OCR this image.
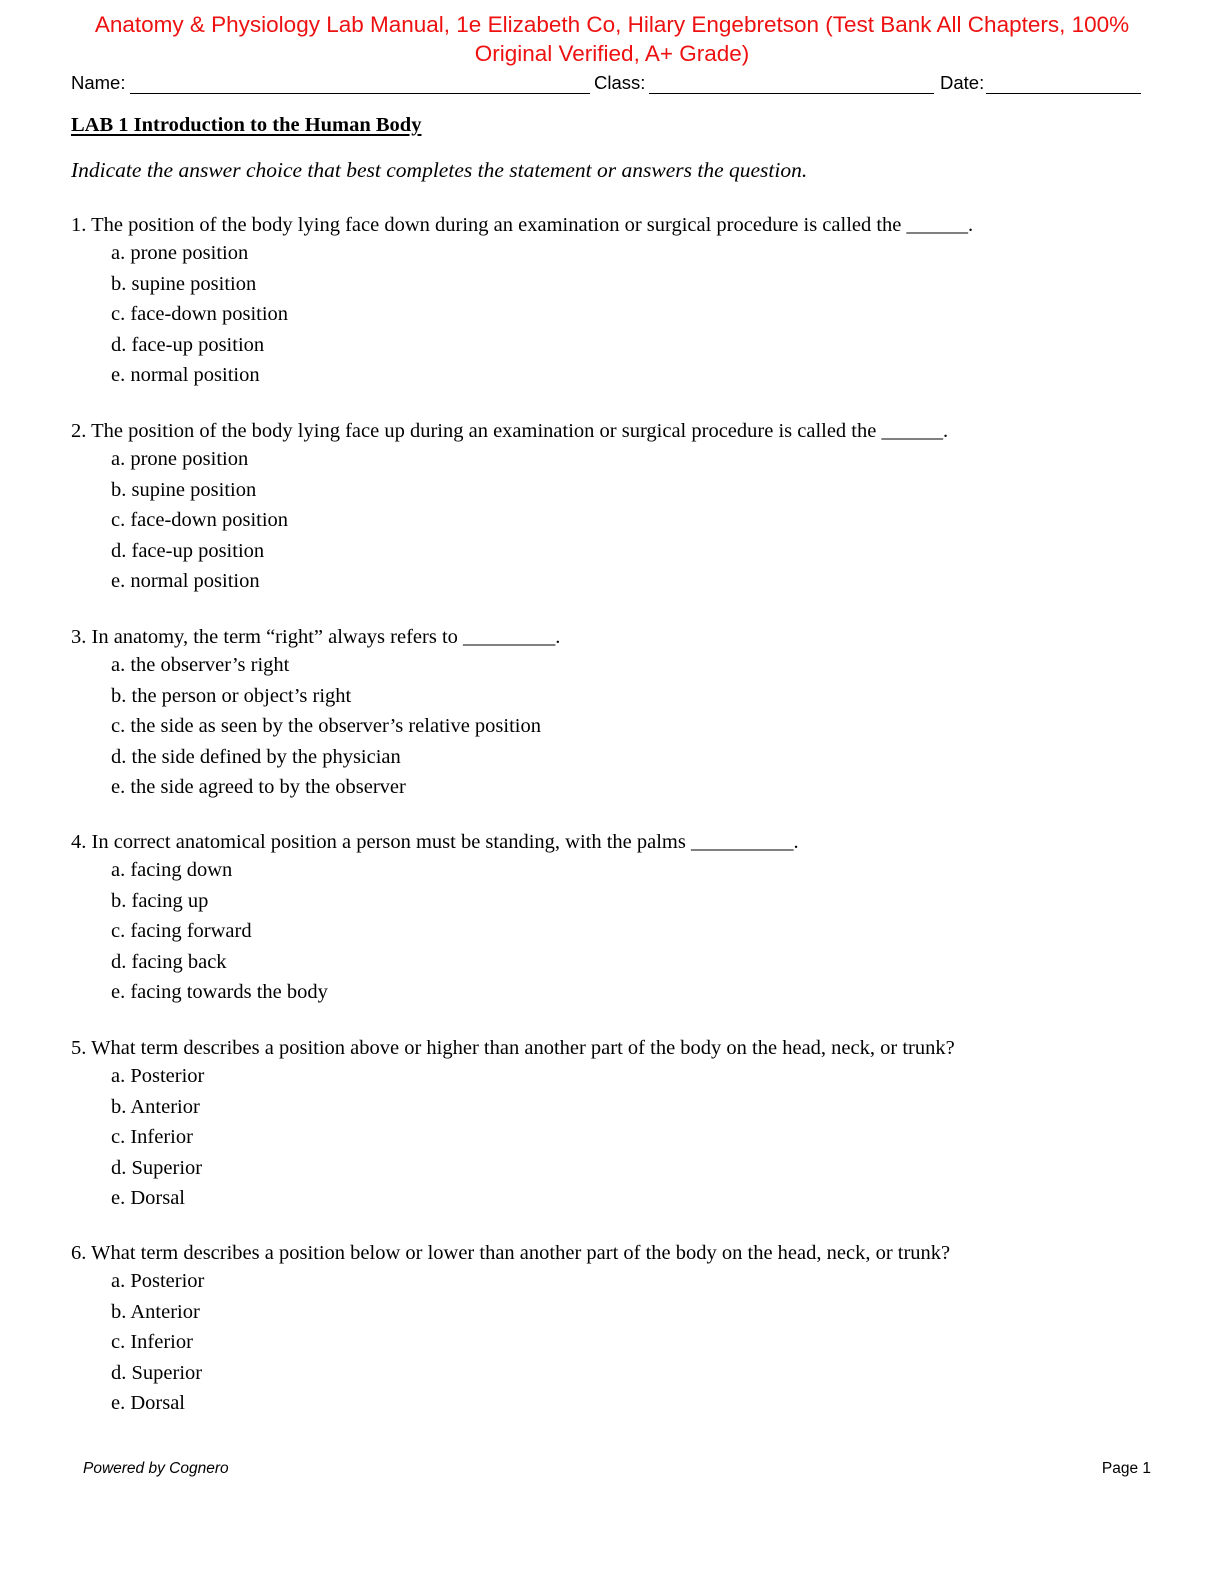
Anatomy & Physiology Lab Manual, 1e Elizabeth Co, Hilary Engebretson (Test Bank All Chapters, 100%
Original Verified, A+ Grade)
Name:	Class:	Date:
LAB 1 Introduction to the Human Body
Indicate the answer choice that best completes the statement or answers the question.
1. The position of the body lying face down during an examination or surgical procedure is called the ______.
a. prone position
b. supine position
c. face-down position
d. face-up position
e. normal position
2. The position of the body lying face up during an examination or surgical procedure is called the ______.
a. prone position
b. supine position
c. face-down position
d. face-up position
e. normal position
3. In anatomy, the term “right” always refers to _________.
a. the observer’s right
b. the person or object’s right
c. the side as seen by the observer’s relative position
d. the side defined by the physician
e. the side agreed to by the observer
4. In correct anatomical position a person must be standing, with the palms __________.
a. facing down
b. facing up
c. facing forward
d. facing back
e. facing towards the body
5. What term describes a position above or higher than another part of the body on the head, neck, or trunk?
a. Posterior
b. Anterior
c. Inferior
d. Superior
e. Dorsal
6. What term describes a position below or lower than another part of the body on the head, neck, or trunk?
a. Posterior
b. Anterior
c. Inferior
d. Superior
e. Dorsal
Powered by Cognero	Page 1
